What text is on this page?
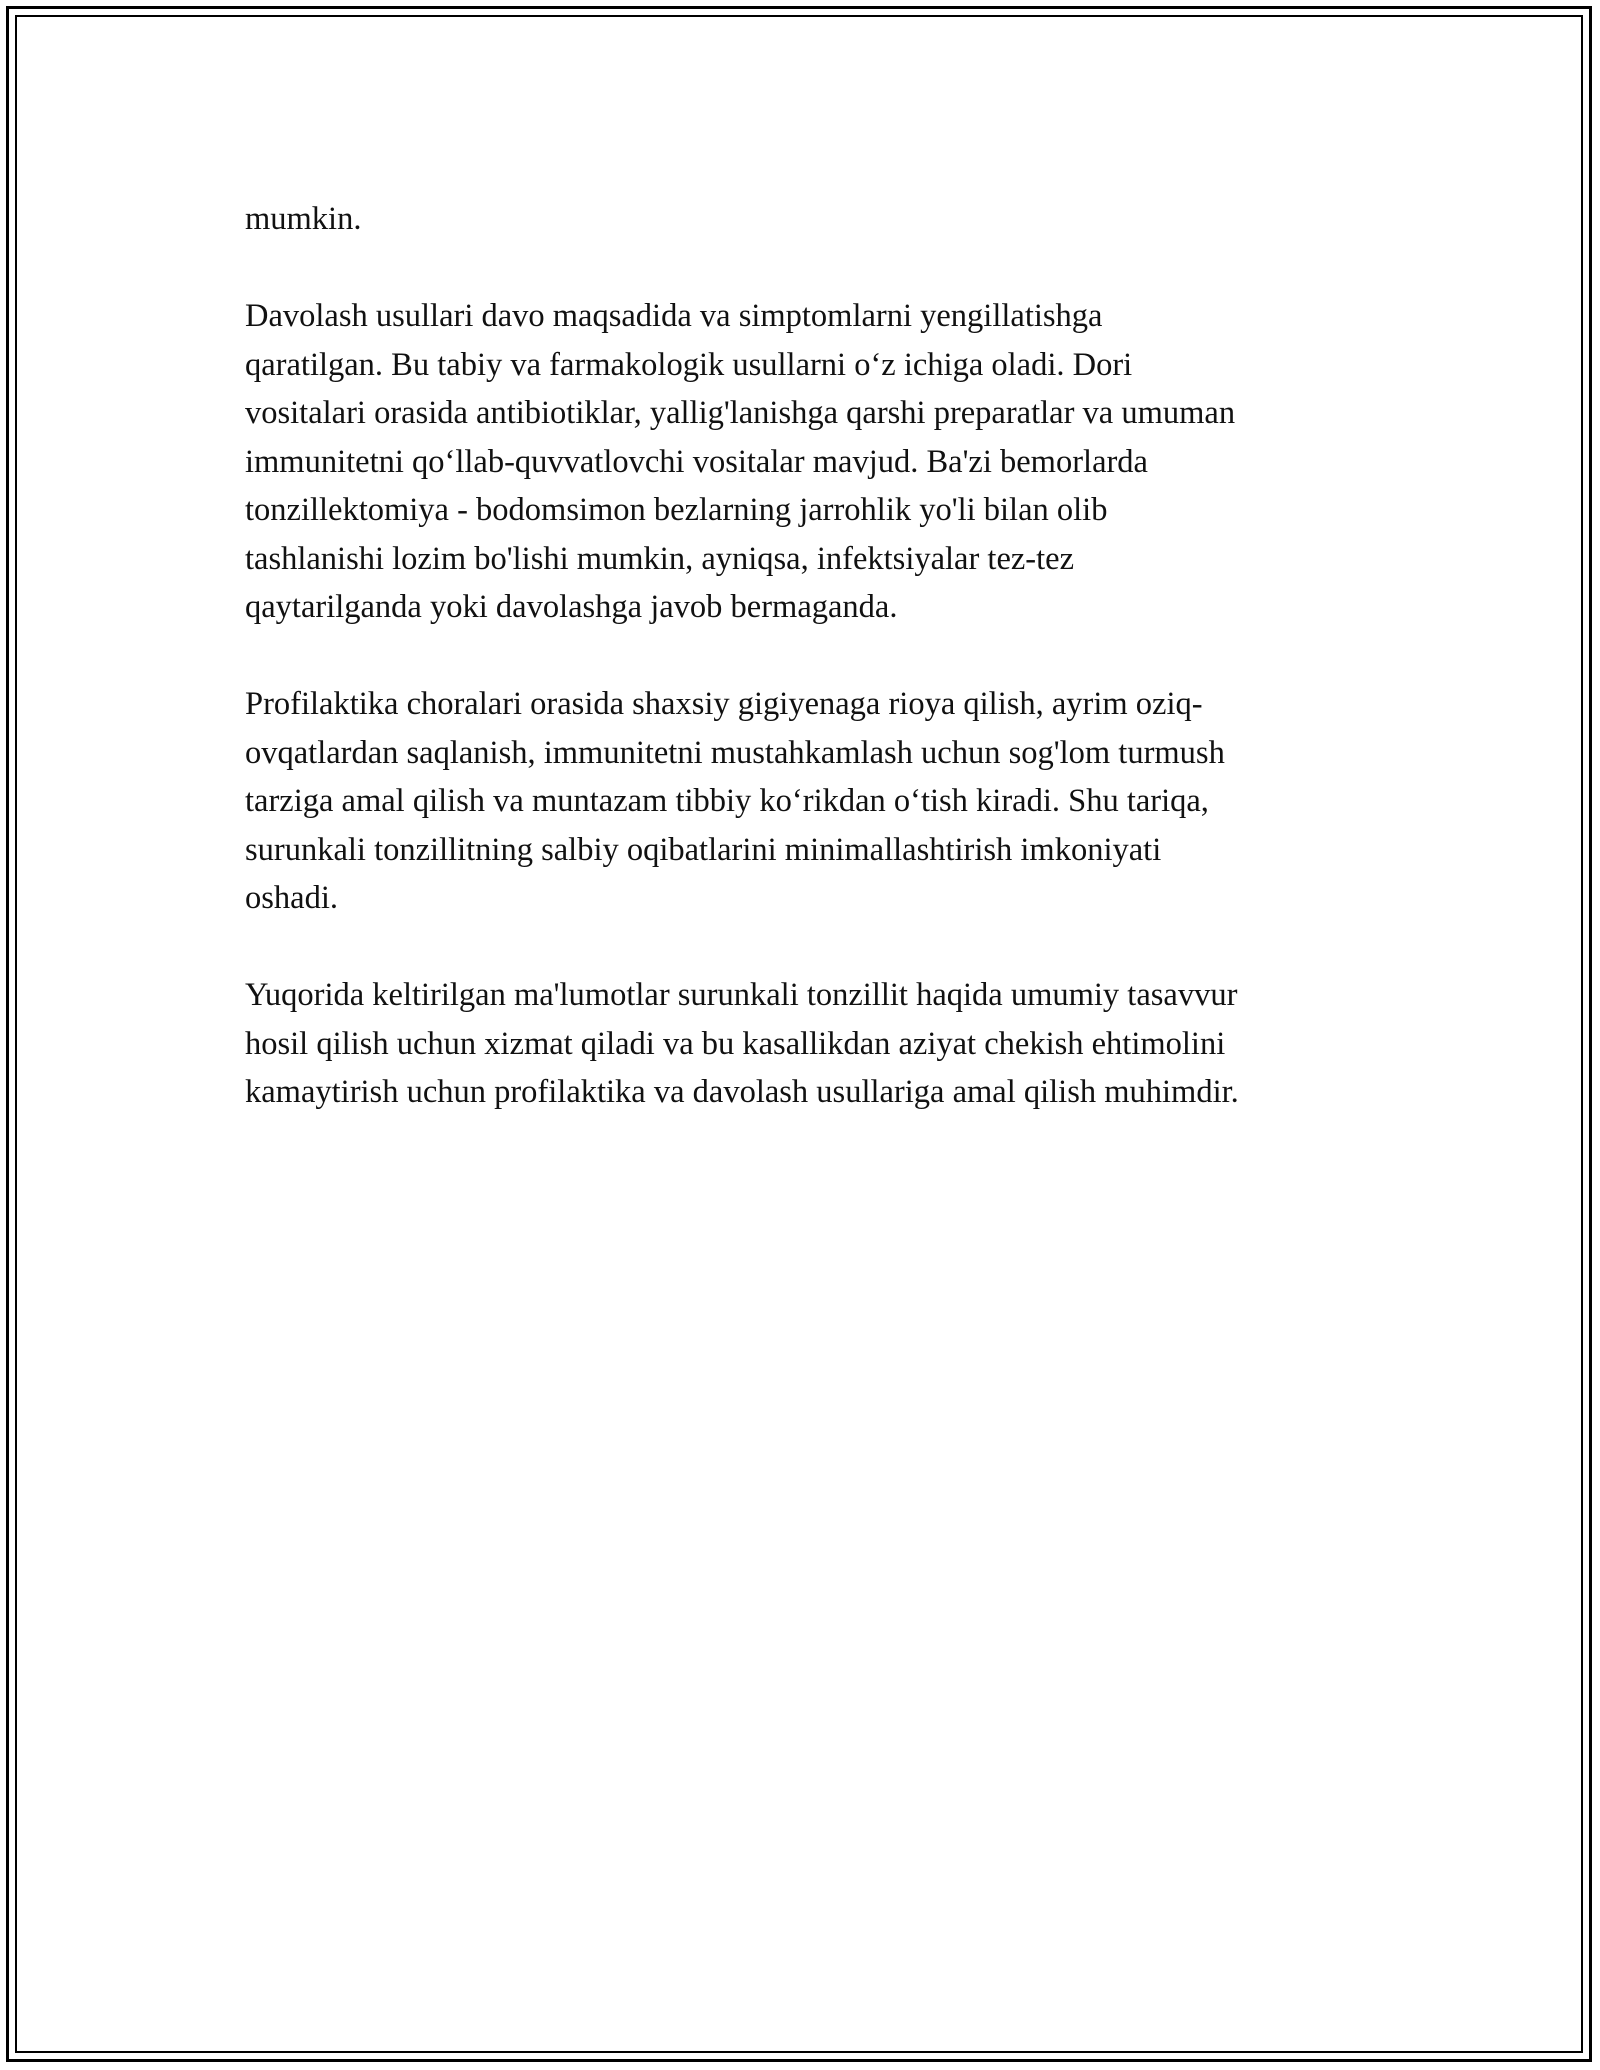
mumkin.

Davolash usullari davo maqsadida va simptomlarni yengillatishga
qaratilgan. Bu tabiy va farmakologik usullarni o‘z ichiga oladi. Dori
vositalari orasida antibiotiklar, yallig'lanishga qarshi preparatlar va umuman
immunitetni qo‘llab-quvvatlovchi vositalar mavjud. Ba'zi bemorlarda
tonzillektomiya - bodomsimon bezlarning jarrohlik yo'li bilan olib
tashlanishi lozim bo'lishi mumkin, ayniqsa, infektsiyalar tez-tez
qaytarilganda yoki davolashga javob bermaganda.

Profilaktika choralari orasida shaxsiy gigiyenaga rioya qilish, ayrim oziq-
ovqatlardan saqlanish, immunitetni mustahkamlash uchun sog'lom turmush
tarziga amal qilish va muntazam tibbiy ko‘rikdan o‘tish kiradi. Shu tariqa,
surunkali tonzillitning salbiy oqibatlarini minimallashtirish imkoniyati
oshadi.

Yuqorida keltirilgan ma'lumotlar surunkali tonzillit haqida umumiy tasavvur
hosil qilish uchun xizmat qiladi va bu kasallikdan aziyat chekish ehtimolini
kamaytirish uchun profilaktika va davolash usullariga amal qilish muhimdir.
